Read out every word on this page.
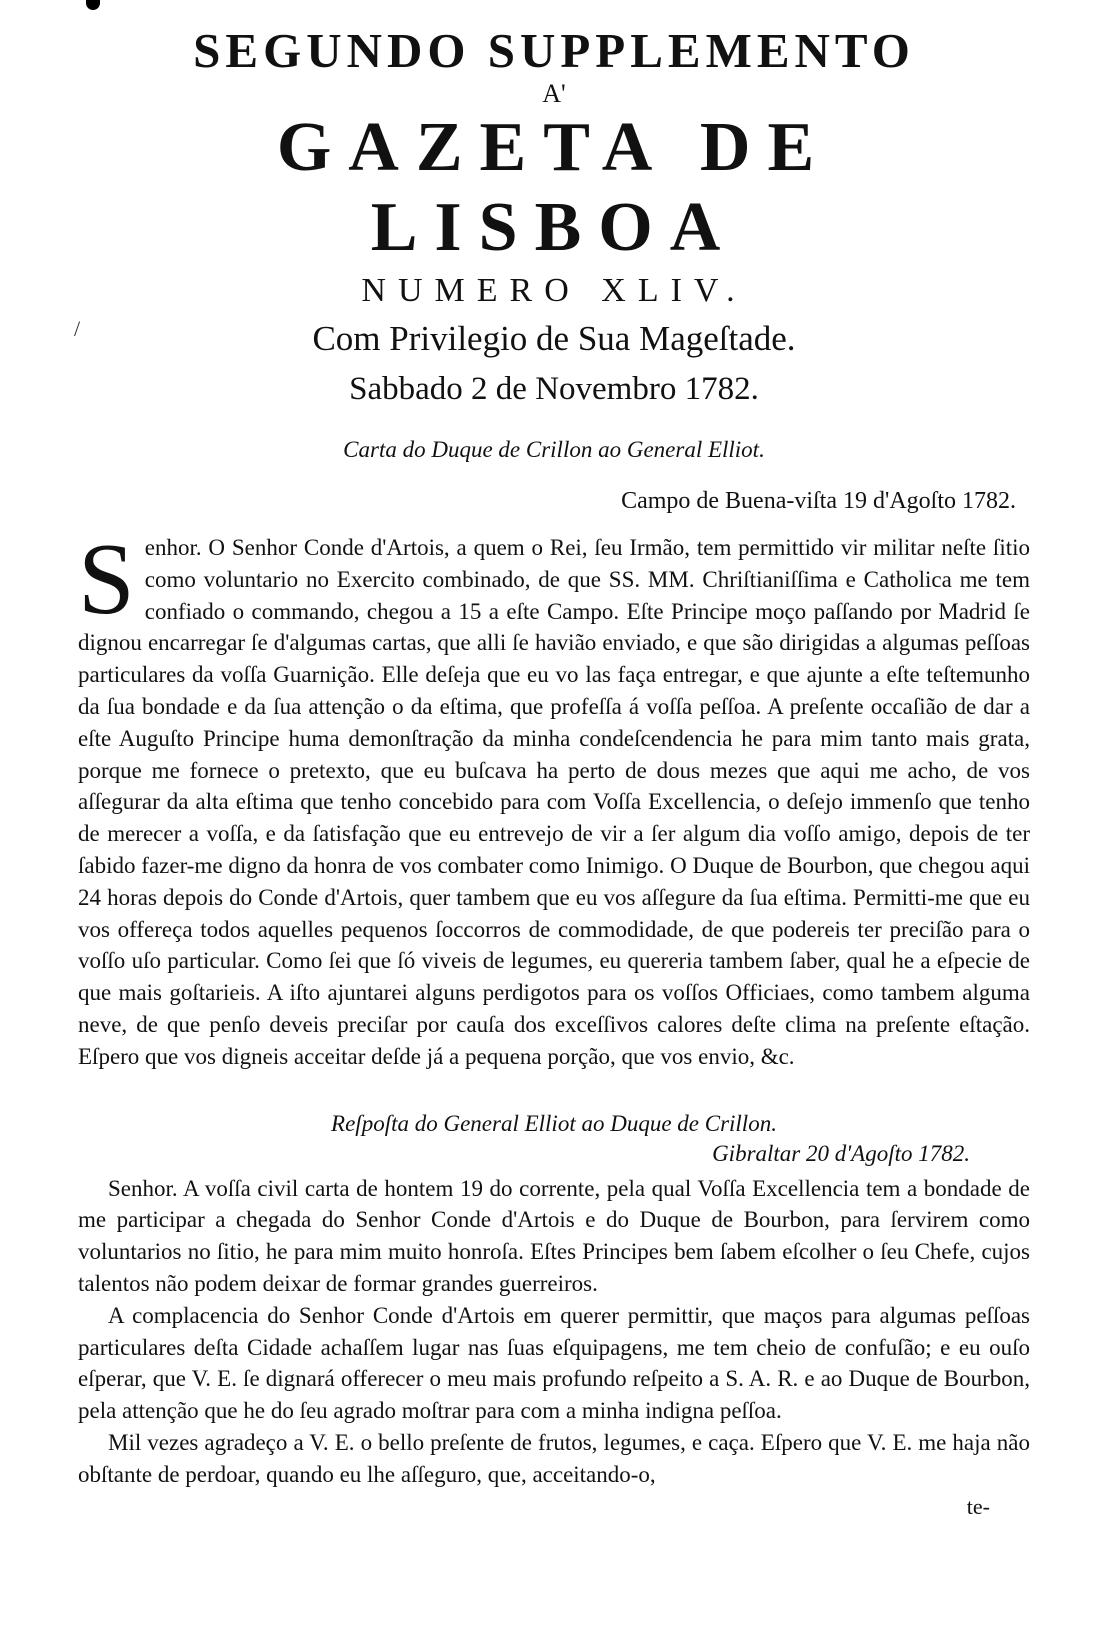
/

SEGUNDO SUPPLEMENTO

A'

GAZETA DE LISBOA

NUMERO XLIV.

Com Privilegio de Sua Mageſtade.

Sabbado 2 de Novembro 1782.

Carta do Duque de Crillon ao General Elliot.

Campo de Buena-viſta 19 d'Agoſto 1782.

S enhor. O Senhor Conde d'Artois, a quem o Rei, ſeu Irmão, tem permittido vir militar neſte ſitio como voluntario no Exercito combinado, de que SS. MM. Chriſtianiſſima e Catholica me tem confiado o commando, chegou a 15 a eſte Campo. Eſte Principe moço paſſando por Madrid ſe dignou encarregar ſe d'algumas cartas, que alli ſe havião enviado, e que são dirigidas a algumas peſſoas particulares da voſſa Guarnição. Elle deſeja que eu vo las faça entregar, e que ajunte a eſte teſtemunho da ſua bondade e da ſua attenção o da eſtima, que profeſſa á voſſa peſſoa. A preſente occaſião de dar a eſte Auguſto Principe huma demonſtração da minha condeſcendencia he para mim tanto mais grata, porque me fornece o pretexto, que eu buſcava ha perto de dous mezes que aqui me acho, de vos aſſegurar da alta eſtima que tenho concebido para com Voſſa Excellencia, o deſejo immenſo que tenho de merecer a voſſa, e da ſatisfação que eu entrevejo de vir a ſer algum dia voſſo amigo, depois de ter ſabido fazer-me digno da honra de vos combater como Inimigo. O Duque de Bourbon, que chegou aqui 24 horas depois do Conde d'Artois, quer tambem que eu vos aſſegure da ſua eſtima. Permitti-me que eu vos offereça todos aquelles pequenos ſoccorros de commodidade, de que podereis ter preciſão para o voſſo uſo particular. Como ſei que ſó viveis de legumes, eu quereria tambem ſaber, qual he a eſpecie de que mais goſtarieis. A iſto ajuntarei alguns perdigotos para os voſſos Officiaes, como tambem alguma neve, de que penſo deveis preciſar por cauſa dos exceſſivos calores deſte clima na preſente eſtação. Eſpero que vos digneis acceitar deſde já a pequena porção, que vos envio, &c.

Reſpoſta do General Elliot ao Duque de Crillon.

Gibraltar 20 d'Agoſto 1782.

Senhor. A voſſa civil carta de hontem 19 do corrente, pela qual Voſſa Excellencia tem a bondade de me participar a chegada do Senhor Conde d'Artois e do Duque de Bourbon, para ſervirem como voluntarios no ſitio, he para mim muito honroſa. Eſtes Principes bem ſabem eſcolher o ſeu Chefe, cujos talentos não podem deixar de formar grandes guerreiros.

A complacencia do Senhor Conde d'Artois em querer permittir, que maços para algumas peſſoas particulares deſta Cidade achaſſem lugar nas ſuas eſquipagens, me tem cheio de confuſão; e eu ouſo eſperar, que V. E. ſe dignará offerecer o meu mais profundo reſpeito a S. A. R. e ao Duque de Bourbon, pela attenção que he do ſeu agrado moſtrar para com a minha indigna peſſoa.

Mil vezes agradeço a V. E. o bello preſente de frutos, legumes, e caça. Eſpero que V. E. me haja não obſtante de perdoar, quando eu lhe aſſeguro, que, acceitando-o,

te-
